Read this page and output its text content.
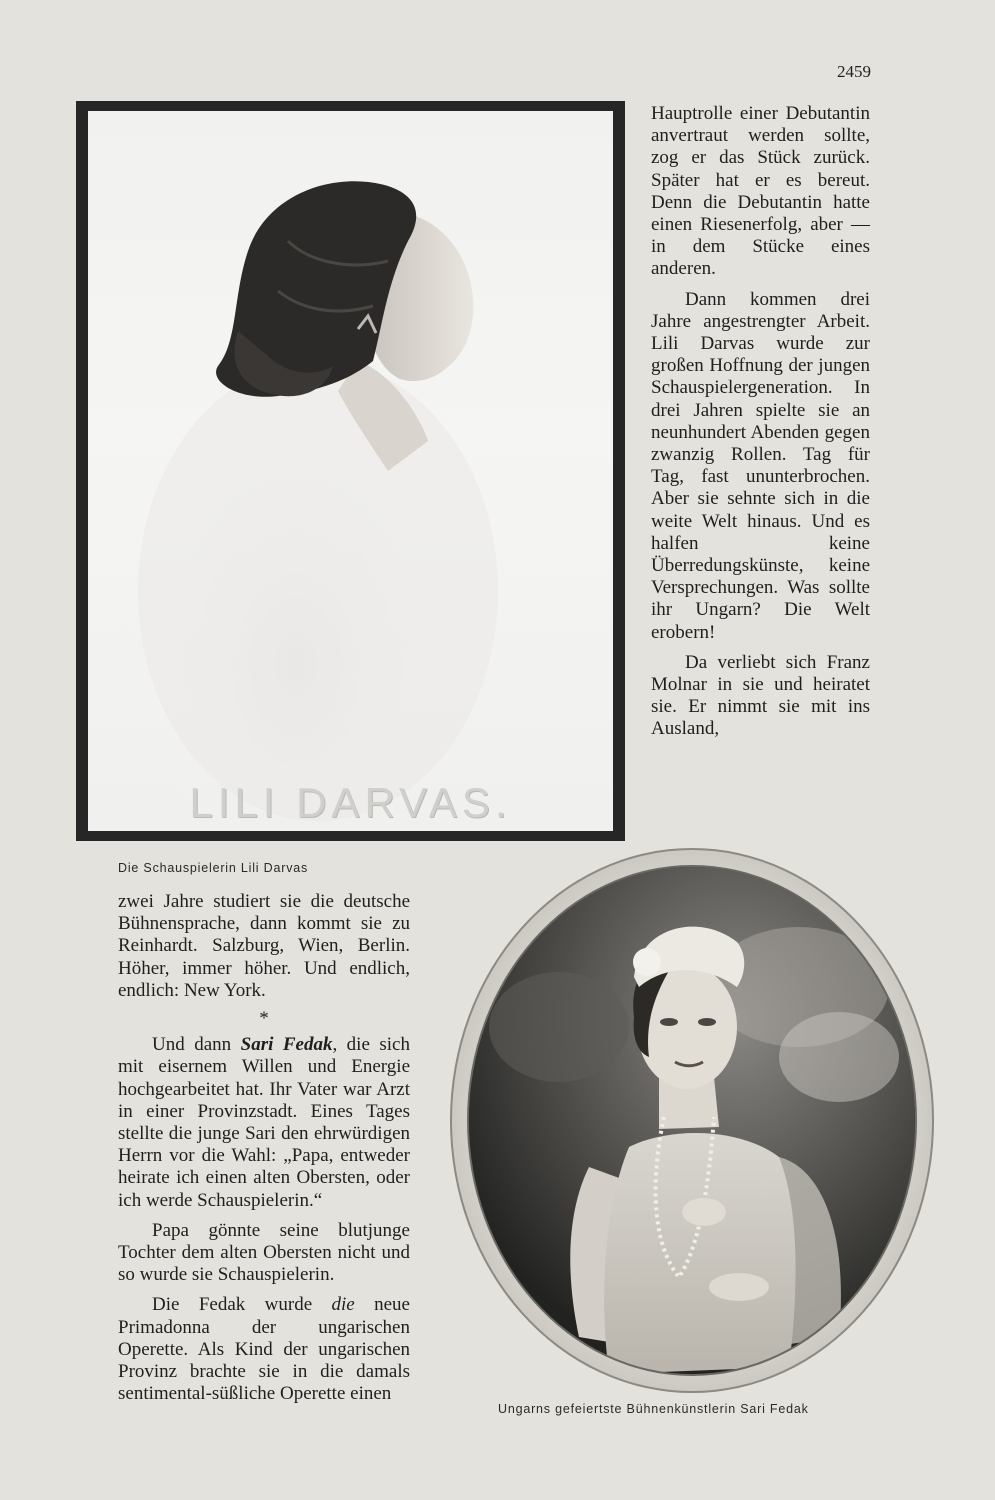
2459
LILI DARVAS.
Die Schauspielerin Lili Darvas

Hauptrolle einer Debutantin anvertraut werden sollte, zog er das Stück zurück. Später hat er es bereut. Denn die Debutantin hatte einen Riesenerfolg, aber — in dem Stücke eines anderen.

Dann kommen drei Jahre angestrengter Arbeit. Lili Darvas wurde zur großen Hoffnung der jungen Schauspielergeneration. In drei Jahren spielte sie an neunhundert Abenden gegen zwanzig Rollen. Tag für Tag, fast ununterbrochen. Aber sie sehnte sich in die weite Welt hinaus. Und es halfen keine Überredungskünste, keine Versprechungen. Was sollte ihr Ungarn? Die Welt erobern!

Da verliebt sich Franz Molnar in sie und heiratet sie. Er nimmt sie mit ins Ausland,

zwei Jahre studiert sie die deutsche Bühnensprache, dann kommt sie zu Reinhardt. Salzburg, Wien, Berlin. Höher, immer höher. Und endlich, endlich: New York.

*

Und dann Sari Fedak, die sich mit eisernem Willen und Energie hochgearbeitet hat. Ihr Vater war Arzt in einer Provinzstadt. Eines Tages stellte die junge Sari den ehrwürdigen Herrn vor die Wahl: „Papa, entweder heirate ich einen alten Obersten, oder ich werde Schauspielerin.“

Papa gönnte seine blutjunge Tochter dem alten Obersten nicht und so wurde sie Schauspielerin.

Die Fedak wurde die neue Primadonna der ungarischen Operette. Als Kind der ungarischen Provinz brachte sie in die damals sentimental-süßliche Operette einen

Ungarns gefeiertste Bühnenkünstlerin Sari Fedak
